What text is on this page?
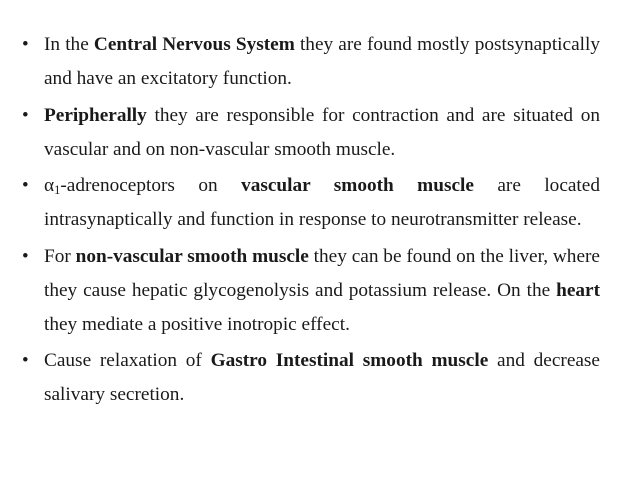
• In the Central Nervous System they are found mostly postsynaptically and have an excitatory function.
• Peripherally they are responsible for contraction and are situated on vascular and on non-vascular smooth muscle.
• $\alpha_1$-adrenoceptors on vascular smooth muscle are located intrasynaptically and function in response to neurotransmitter release.
• For non-vascular smooth muscle they can be found on the liver, where they cause hepatic glycogenolysis and potassium release. On the heart they mediate a positive inotropic effect.
• Cause relaxation of Gastro Intestinal smooth muscle and decrease salivary secretion.
